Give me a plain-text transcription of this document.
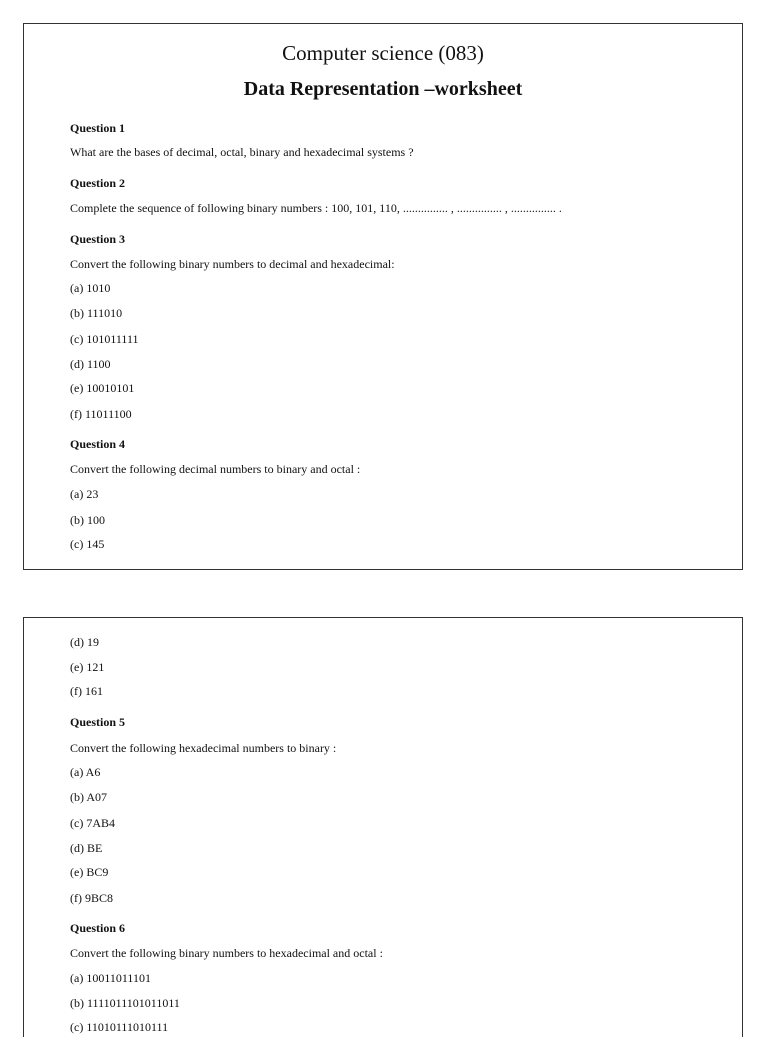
Computer science (083)
Data Representation –worksheet
Question 1
What are the bases of decimal, octal, binary and hexadecimal systems ?
Question 2
Complete the sequence of following binary numbers : 100, 101, 110, ............... , ............... , ............... .
Question 3
Convert the following binary numbers to decimal and hexadecimal:
(a) 1010
(b) 111010
(c) 101011111
(d) 1100
(e) 10010101
(f) 11011100
Question 4
Convert the following decimal numbers to binary and octal :
(a) 23
(b) 100
(c) 145
(d) 19
(e) 121
(f) 161
Question 5
Convert the following hexadecimal numbers to binary :
(a) A6
(b) A07
(c) 7AB4
(d) BE
(e) BC9
(f) 9BC8
Question 6
Convert the following binary numbers to hexadecimal and octal :
(a) 10011011101
(b) 1111011101011011
(c) 11010111010111
